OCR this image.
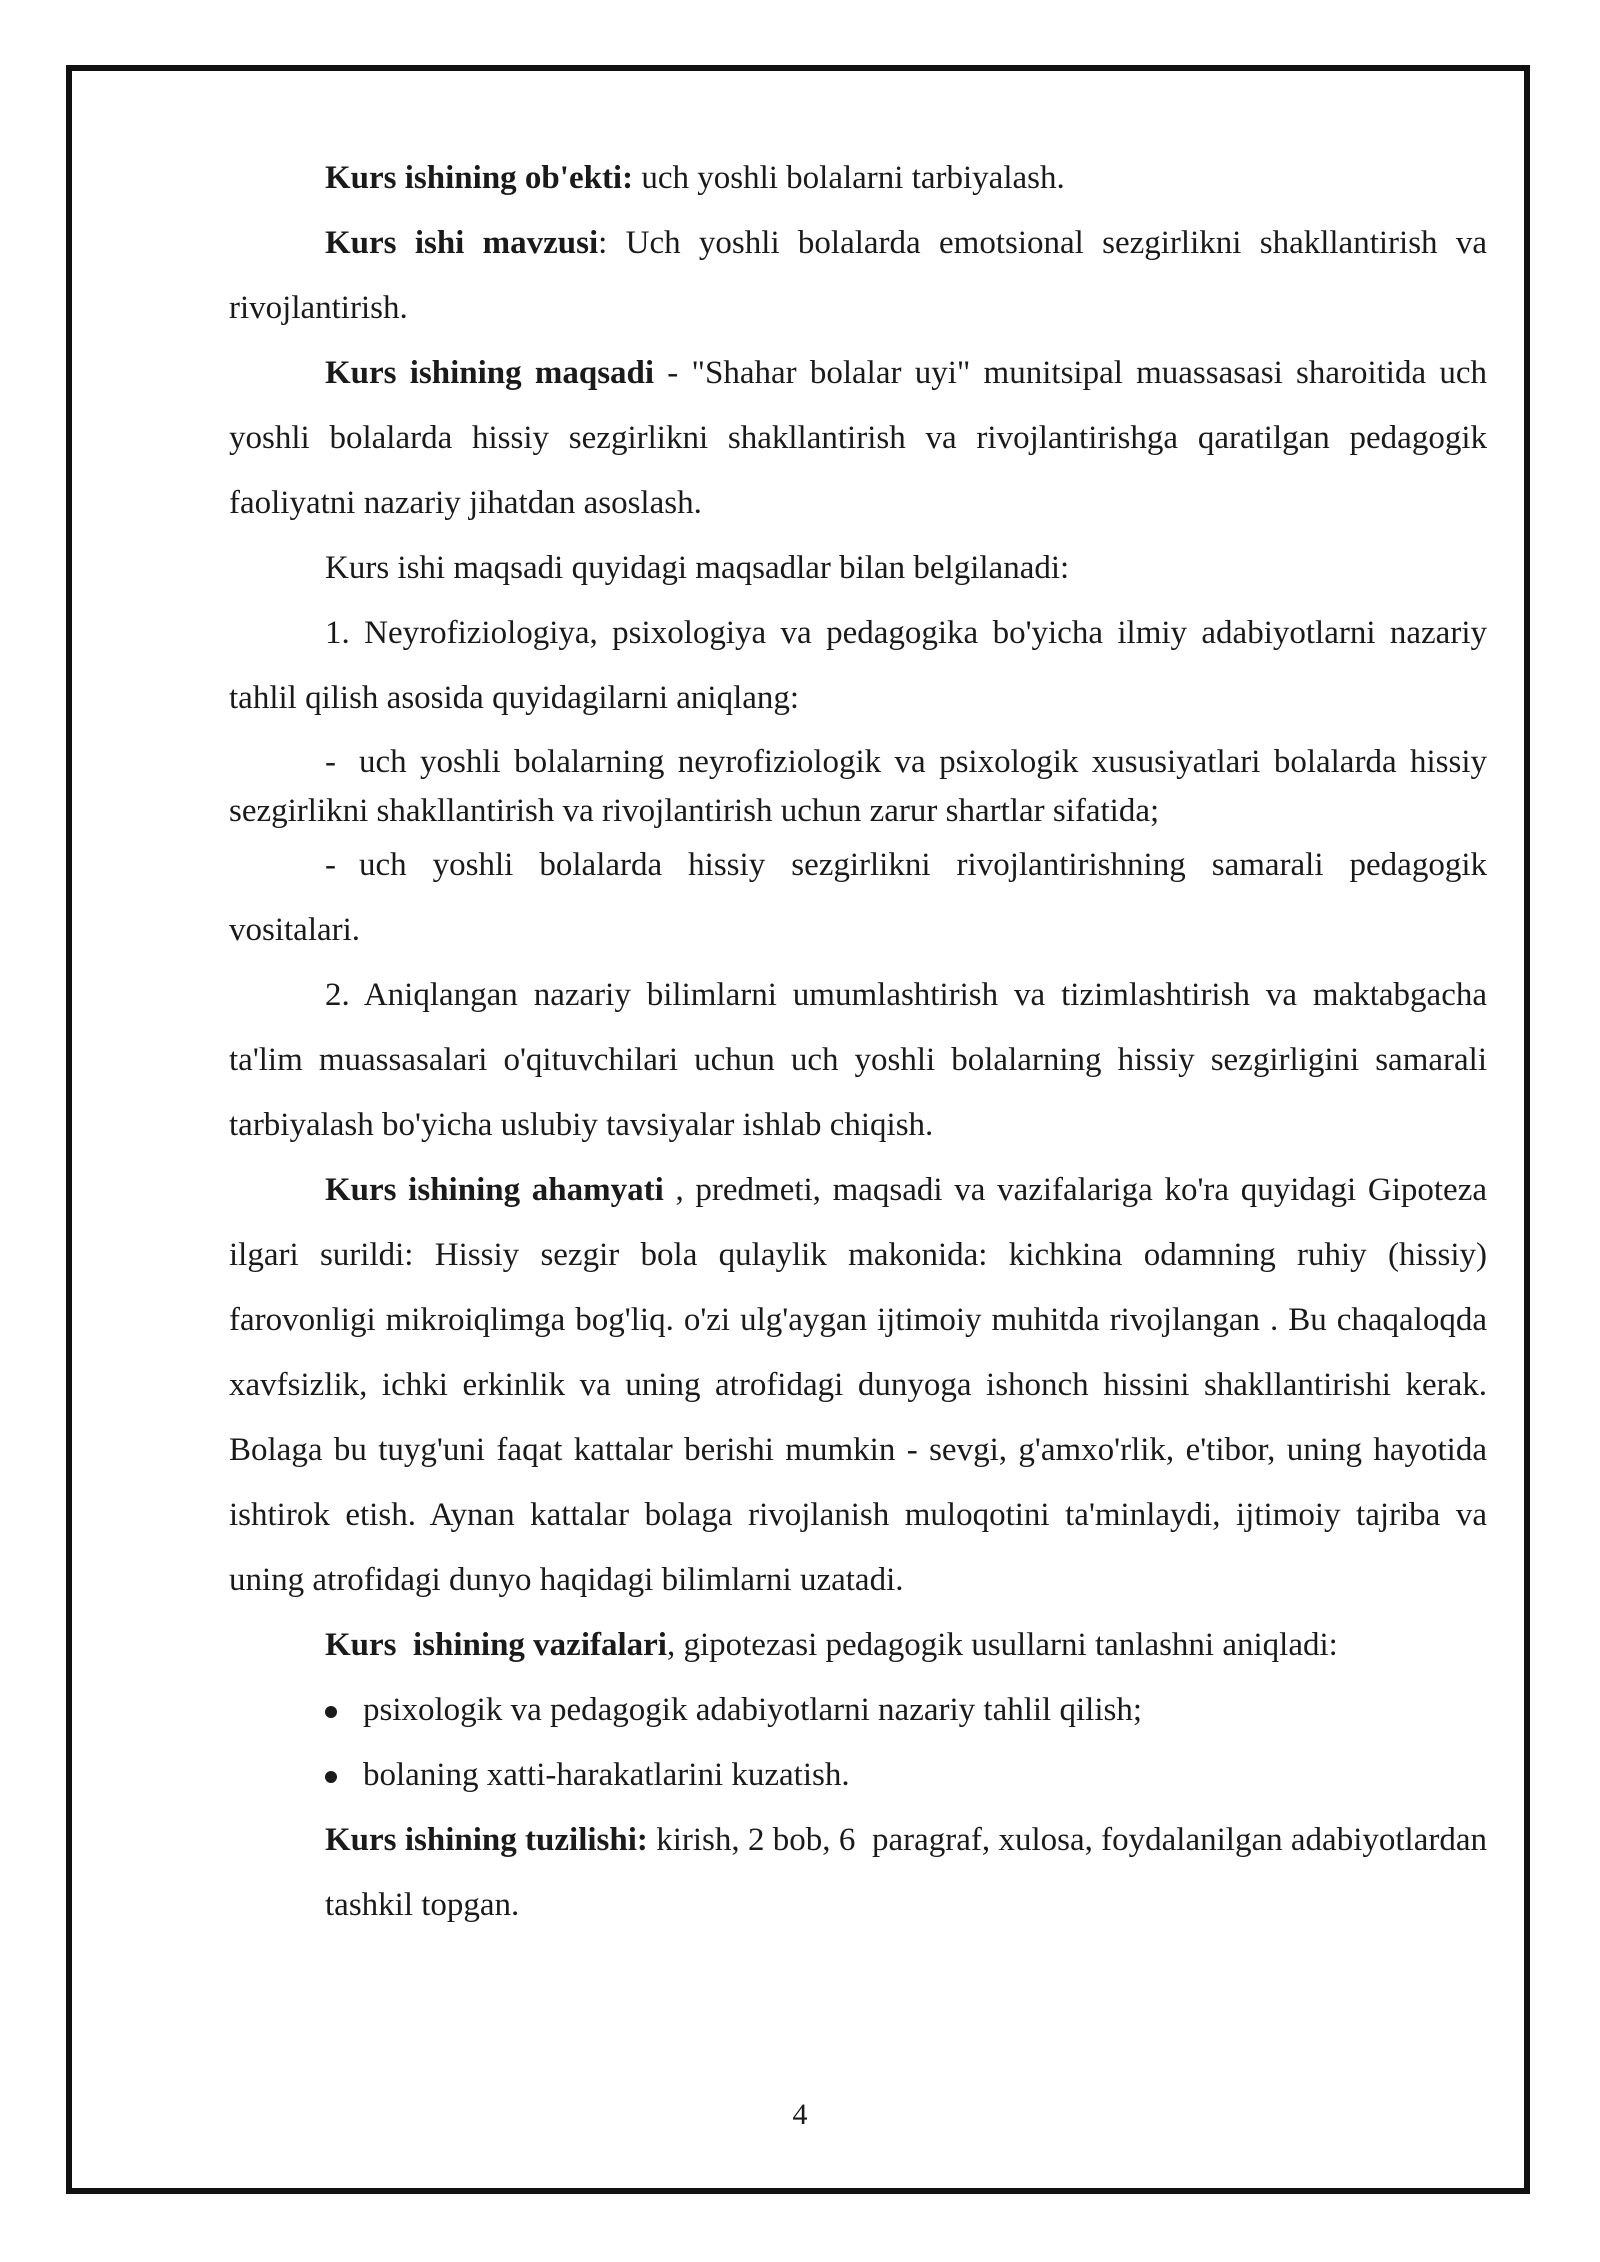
Kurs ishining ob'ekti: uch yoshli bolalarni tarbiyalash.

Kurs ishi mavzusi: Uch yoshli bolalarda emotsional sezgirlikni shakllantirish va rivojlantirish.

Kurs ishining maqsadi - "Shahar bolalar uyi" munitsipal muassasasi sharoitida uch yoshli bolalarda hissiy sezgirlikni shakllantirish va rivojlantirishga qaratilgan pedagogik faoliyatni nazariy jihatdan asoslash.

Kurs ishi maqsadi quyidagi maqsadlar bilan belgilanadi:

1. Neyrofiziologiya, psixologiya va pedagogika bo'yicha ilmiy adabiyotlarni nazariy tahlil qilish asosida quyidagilarni aniqlang:

- uch yoshli bolalarning neyrofiziologik va psixologik xususiyatlari bolalarda hissiy sezgirlikni shakllantirish va rivojlantirish uchun zarur shartlar sifatida;

- uch yoshli bolalarda hissiy sezgirlikni rivojlantirishning samarali pedagogik vositalari.

2. Aniqlangan nazariy bilimlarni umumlashtirish va tizimlashtirish va maktabgacha ta'lim muassasalari o'qituvchilari uchun uch yoshli bolalarning hissiy sezgirligini samarali tarbiyalash bo'yicha uslubiy tavsiyalar ishlab chiqish.

Kurs ishining ahamyati , predmeti, maqsadi va vazifalariga ko'ra quyidagi Gipoteza ilgari surildi: Hissiy sezgir bola qulaylik makonida: kichkina odamning ruhiy (hissiy) farovonligi mikroiqlimga bog'liq. o'zi ulg'aygan ijtimoiy muhitda rivojlangan . Bu chaqaloqda xavfsizlik, ichki erkinlik va uning atrofidagi dunyoga ishonch hissini shakllantirishi kerak. Bolaga bu tuyg'uni faqat kattalar berishi mumkin - sevgi, g'amxo'rlik, e'tibor, uning hayotida ishtirok etish. Aynan kattalar bolaga rivojlanish muloqotini ta'minlaydi, ijtimoiy tajriba va uning atrofidagi dunyo haqidagi bilimlarni uzatadi.

Kurs  ishining vazifalari, gipotezasi pedagogik usullarni tanlashni aniqladi:

psixologik va pedagogik adabiyotlarni nazariy tahlil qilish;
bolaning xatti-harakatlarini kuzatish.

Kurs ishining tuzilishi: kirish, 2 bob, 6  paragraf, xulosa, foydalanilgan adabiyotlardan tashkil topgan.

4
